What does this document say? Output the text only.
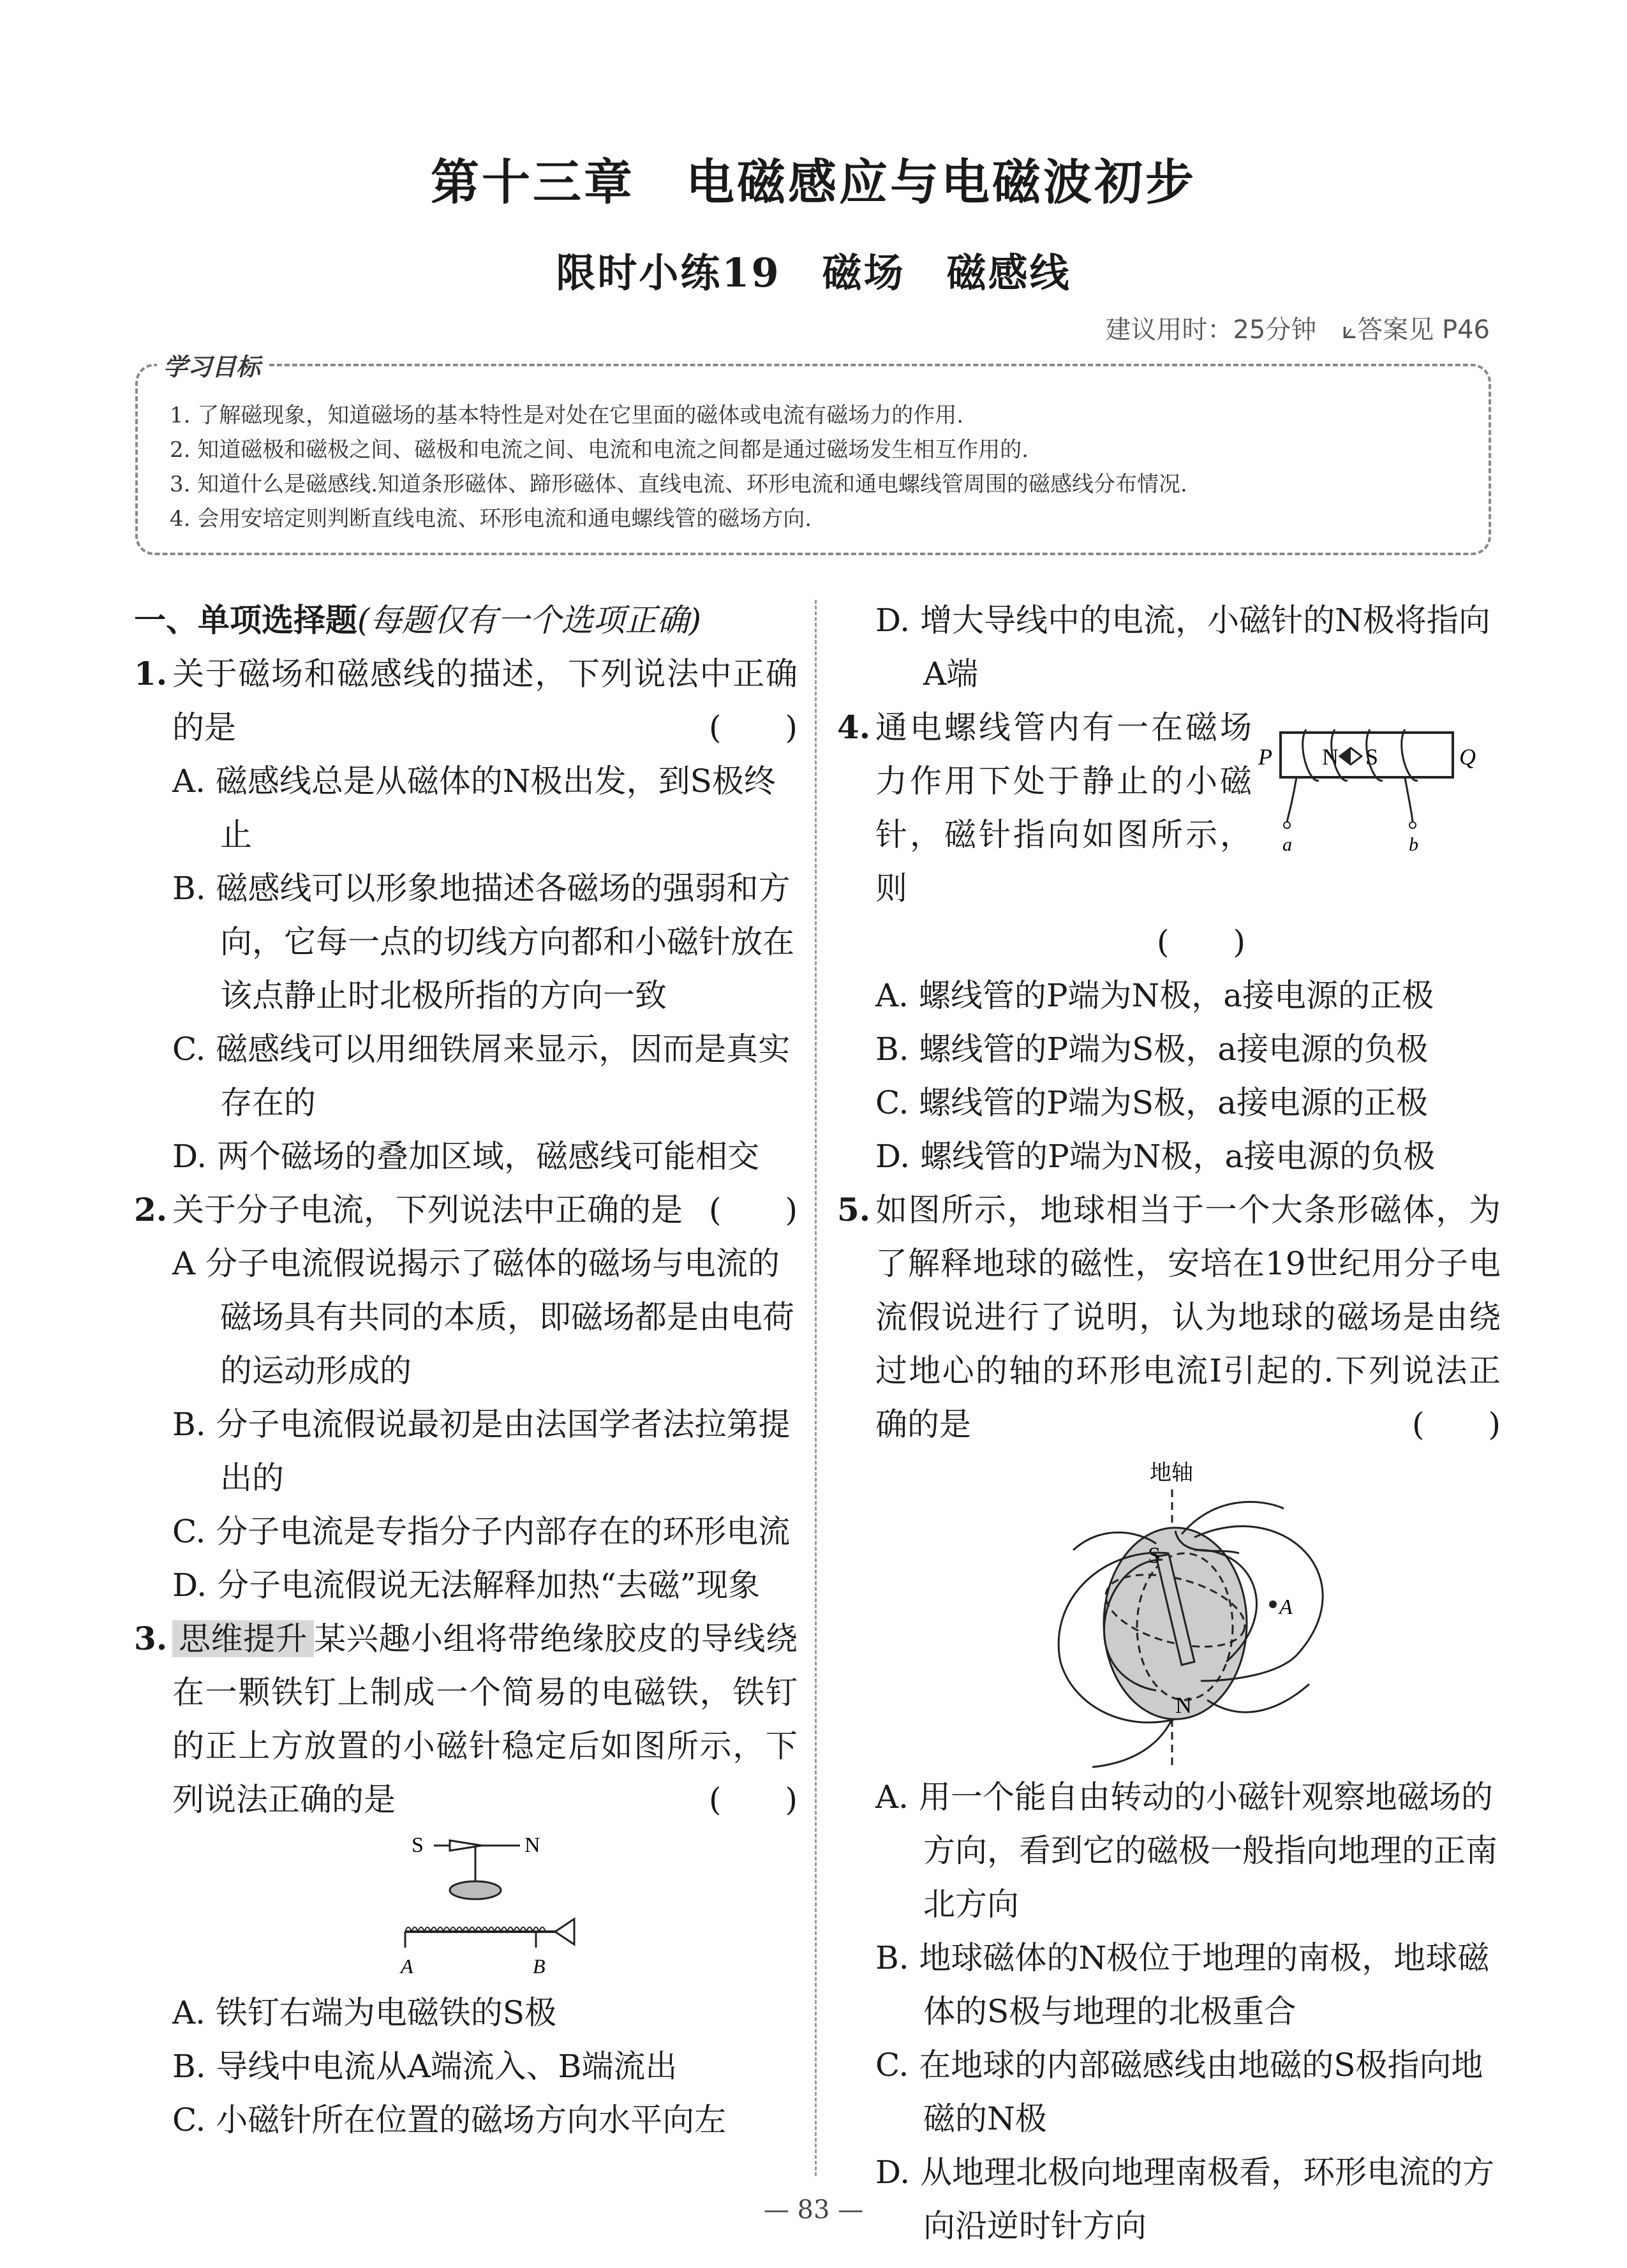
第十三章　电磁感应与电磁波初步
限时小练19　磁场　磁感线
建议用时：25分钟　⟀答案见 P46
学习目标
1. 了解磁现象，知道磁场的基本特性是对处在它里面的磁体或电流有磁场力的作用.
2. 知道磁极和磁极之间、磁极和电流之间、电流和电流之间都是通过磁场发生相互作用的.
3. 知道什么是磁感线.知道条形磁体、蹄形磁体、直线电流、环形电流和通电螺线管周围的磁感线分布情况.
4. 会用安培定则判断直线电流、环形电流和通电螺线管的磁场方向.
一、单项选择题(每题仅有一个选项正确)
1. 关于磁场和磁感线的描述，下列说法中正确的是	(　　)
A. 磁感线总是从磁体的N极出发，到S极终止
B. 磁感线可以形象地描述各磁场的强弱和方向，它每一点的切线方向都和小磁针放在该点静止时北极所指的方向一致
C. 磁感线可以用细铁屑来显示，因而是真实存在的
D. 两个磁场的叠加区域，磁感线可能相交
2. 关于分子电流，下列说法中正确的是 (　　)
A 分子电流假说揭示了磁体的磁场与电流的磁场具有共同的本质，即磁场都是由电荷的运动形成的
B. 分子电流假说最初是由法国学者法拉第提出的
C. 分子电流是专指分子内部存在的环形电流
D. 分子电流假说无法解释加热“去磁”现象
3. 思维提升 某兴趣小组将带绝缘胶皮的导线绕在一颗铁钉上制成一个简易的电磁铁，铁钉的正上方放置的小磁针稳定后如图所示，下列说法正确的是	(　　)
S	N
A	B
A. 铁钉右端为电磁铁的S极
B. 导线中电流从A端流入、B端流出
C. 小磁针所在位置的磁场方向水平向左
D. 增大导线中的电流，小磁针的N极将指向A端
P N S	Q
a	b
4. 通电螺线管内有一在磁场力作用下处于静止的小磁针，磁针指向如图所示，则
(　　)
A. 螺线管的P端为N极，a接电源的正极
B. 螺线管的P端为S极，a接电源的负极
C. 螺线管的P端为S极，a接电源的正极
D. 螺线管的P端为N极，a接电源的负极
5. 如图所示，地球相当于一个大条形磁体，为了解释地球的磁性，安培在19世纪用分子电流假说进行了说明，认为地球的磁场是由绕过地心的轴的环形电流I引起的.下列说法正确的是	(　　)
地轴
S
N
A
A. 用一个能自由转动的小磁针观察地磁场的方向，看到它的磁极一般指向地理的正南北方向
B. 地球磁体的N极位于地理的南极，地球磁体的S极与地理的北极重合
C. 在地球的内部磁感线由地磁的S极指向地磁的N极
D. 从地理北极向地理南极看，环形电流的方向沿逆时针方向
— 83 —
